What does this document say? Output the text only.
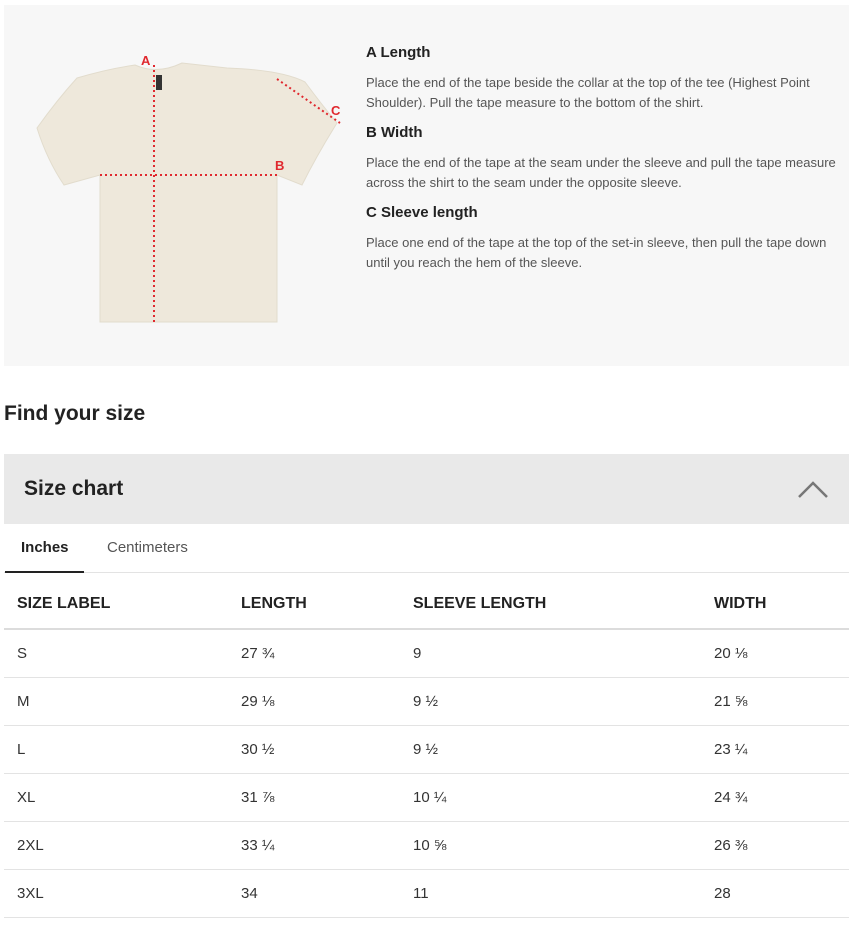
A
B
C
A Length

Place the end of the tape beside the collar at the top of the tee (Highest Point Shoulder). Pull the tape measure to the bottom of the shirt.

B Width

Place the end of the tape at the seam under the sleeve and pull the tape measure across the shirt to the seam under the opposite sleeve.

C Sleeve length

Place one end of the tape at the top of the set-in sleeve, then pull the tape down until you reach the hem of the sleeve.

Find your size
Size chart
Inches	Centimeters
SIZE LABEL	LENGTH	SLEEVE LENGTH	WIDTH
S	27 ¾	9	20 ⅛
M	29 ⅛	9 ½	21 ⅝
L	30 ½	9 ½	23 ¼
XL	31 ⅞	10 ¼	24 ¾
2XL	33 ¼	10 ⅝	26 ⅜
3XL	34	11	28
